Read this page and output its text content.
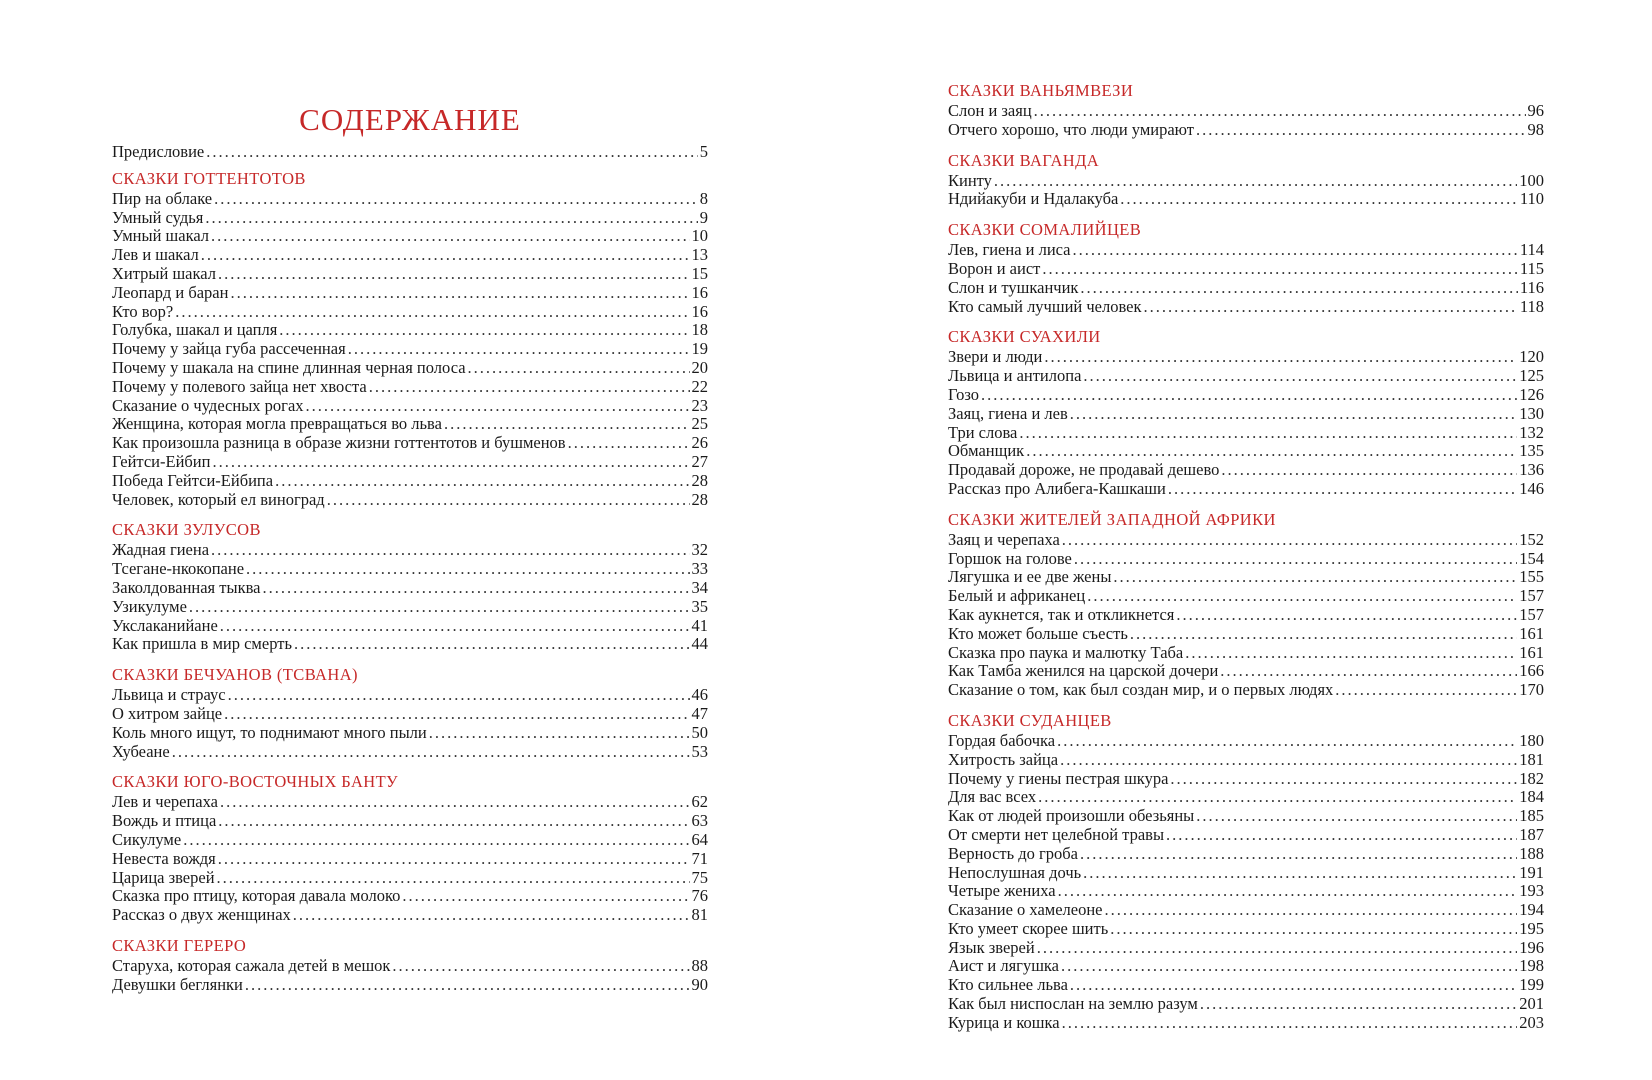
СОДЕРЖАНИЕ
Предисловие .....	5
СКАЗКИ ГОТТЕНТОТОВ
Пир на облаке .....	8
Умный судья .....	9
Умный шакал .....	10
Лев и шакал .....	13
Хитрый шакал .....	15
Леопард и баран .....	16
Кто вор? .....	16
Голубка, шакал и цапля .....	18
Почему у зайца губа рассеченная .....	19
Почему у шакала на спине длинная черная полоса .....	20
Почему у полевого зайца нет хвоста .....	22
Сказание о чудесных рогах .....	23
Женщина, которая могла превращаться во льва .....	25
Как произошла разница в образе жизни готтентотов и бушменов .....	26
Гейтси-Ейбип .....	27
Победа Гейтси-Ейбипа .....	28
Человек, который ел виноград .....	28
СКАЗКИ ЗУЛУСОВ
Жадная гиена .....	32
Тсегане-нкокопане .....	33
Заколдованная тыква .....	34
Узикулуме .....	35
Укслаканийане .....	41
Как пришла в мир смерть .....	44
СКАЗКИ БЕЧУАНОВ (ТСВАНА)
Львица и страус .....	46
О хитром зайце .....	47
Коль много ищут, то поднимают много пыли .....	50
Хубеане .....	53
СКАЗКИ ЮГО-ВОСТОЧНЫХ БАНТУ
Лев и черепаха .....	62
Вождь и птица .....	63
Сикулуме .....	64
Невеста вождя .....	71
Царица зверей .....	75
Сказка про птицу, которая давала молоко .....	76
Рассказ о двух женщинах .....	81
СКАЗКИ ГЕРЕРО
Старуха, которая сажала детей в мешок .....	88
Девушки беглянки .....	90
СКАЗКИ ВАНЬЯМВЕЗИ
Слон и заяц .....	96
Отчего хорошо, что люди умирают .....	98
СКАЗКИ ВАГАНДА
Кинту .....	100
Ндийакуби и Ндалакуба .....	110
СКАЗКИ СОМАЛИЙЦЕВ
Лев, гиена и лиса .....	114
Ворон и аист .....	115
Слон и тушканчик .....	116
Кто самый лучший человек .....	118
СКАЗКИ СУАХИЛИ
Звери и люди .....	120
Львица и антилопа .....	125
Гозо .....	126
Заяц, гиена и лев .....	130
Три слова .....	132
Обманщик .....	135
Продавай дороже, не продавай дешево .....	136
Рассказ про Алибега-Кашкаши .....	146
СКАЗКИ ЖИТЕЛЕЙ ЗАПАДНОЙ АФРИКИ
Заяц и черепаха .....	152
Горшок на голове .....	154
Лягушка и ее две жены .....	155
Белый и африканец .....	157
Как аукнется, так и откликнется .....	157
Кто может больше съесть .....	161
Сказка про паука и малютку Таба .....	161
Как Тамба женился на царской дочери .....	166
Сказание о том, как был создан мир, и о первых людях .....	170
СКАЗКИ СУДАНЦЕВ
Гордая бабочка .....	180
Хитрость зайца .....	181
Почему у гиены пестрая шкура .....	182
Для вас всех .....	184
Как от людей произошли обезьяны .....	185
От смерти нет целебной травы .....	187
Верность до гроба .....	188
Непослушная дочь .....	191
Четыре жениха .....	193
Сказание о хамелеоне .....	194
Кто умеет скорее шить .....	195
Язык зверей .....	196
Аист и лягушка .....	198
Кто сильнее льва .....	199
Как был ниспослан на землю разум .....	201
Курица и кошка .....	203
